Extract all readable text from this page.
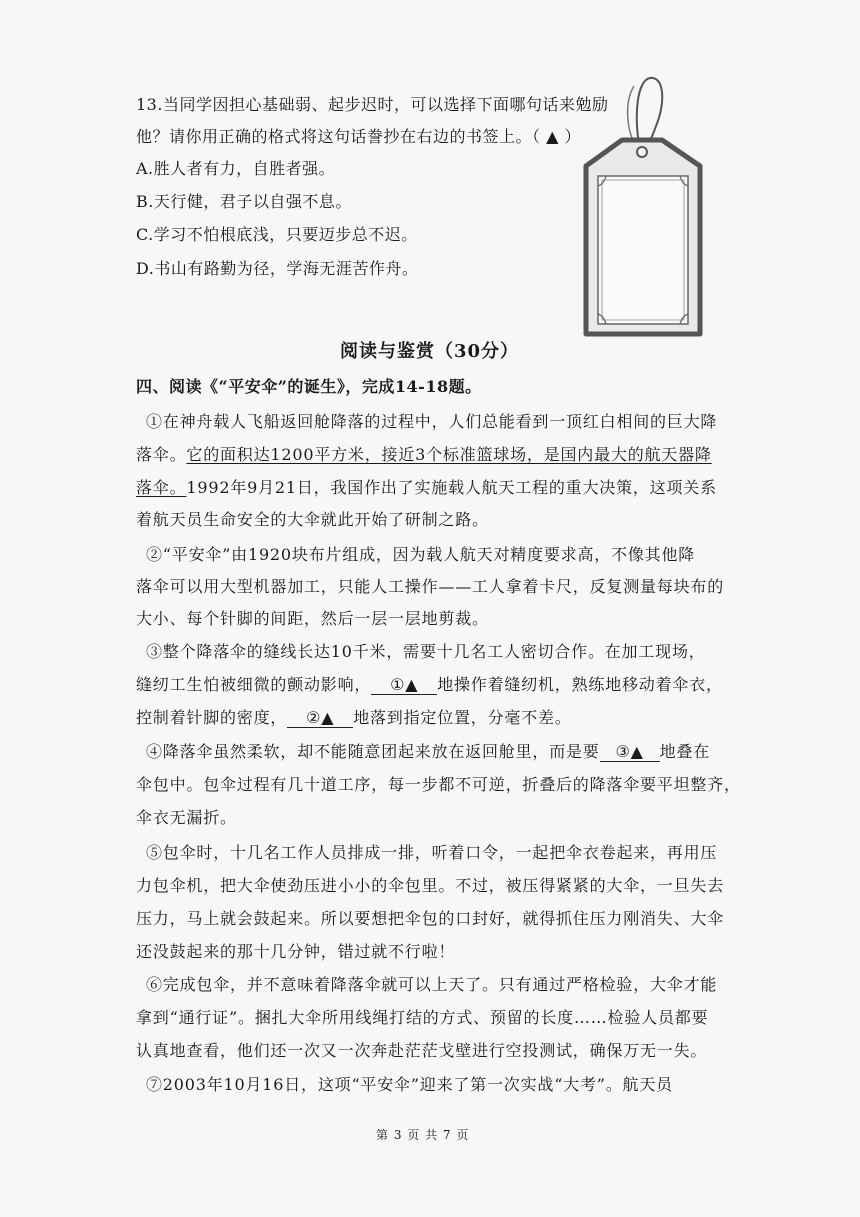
13.当同学因担心基础弱、起步迟时，可以选择下面哪句话来勉励
他？请你用正确的格式将这句话誊抄在右边的书签上。（ ▲ ）
A.胜人者有力，自胜者强。
B.天行健，君子以自强不息。
C.学习不怕根底浅，只要迈步总不迟。
D.书山有路勤为径，学海无涯苦作舟。
阅读与鉴赏（30分）
四、阅读《“平安伞”的诞生》，完成14-18题。
①在神舟载人飞船返回舱降落的过程中，人们总能看到一顶红白相间的巨大降
落伞。它的面积达1200平方米，接近3个标准篮球场，是国内最大的航天器降
落伞。1992年9月21日，我国作出了实施载人航天工程的重大决策，这项关系
着航天员生命安全的大伞就此开始了研制之路。
②“平安伞”由1920块布片组成，因为载人航天对精度要求高，不像其他降
落伞可以用大型机器加工，只能人工操作——工人拿着卡尺，反复测量每块布的
大小、每个针脚的间距，然后一层一层地剪裁。
③整个降落伞的缝线长达10千米，需要十几名工人密切合作。在加工现场，
缝纫工生怕被细微的颤动影响， ①▲ 地操作着缝纫机，熟练地移动着伞衣，
控制着针脚的密度， ②▲ 地落到指定位置，分毫不差。
④降落伞虽然柔软，却不能随意团起来放在返回舱里，而是要 ③▲ 地叠在
伞包中。包伞过程有几十道工序，每一步都不可逆，折叠后的降落伞要平坦整齐，
伞衣无漏折。
⑤包伞时，十几名工作人员排成一排，听着口令，一起把伞衣卷起来，再用压
力包伞机，把大伞使劲压进小小的伞包里。不过，被压得紧紧的大伞，一旦失去
压力，马上就会鼓起来。所以要想把伞包的口封好，就得抓住压力刚消失、大伞
还没鼓起来的那十几分钟，错过就不行啦！
⑥完成包伞，并不意味着降落伞就可以上天了。只有通过严格检验，大伞才能
拿到“通行证”。捆扎大伞所用线绳打结的方式、预留的长度……检验人员都要
认真地查看，他们还一次又一次奔赴茫茫戈壁进行空投测试，确保万无一失。
⑦2003年10月16日，这项“平安伞”迎来了第一次实战“大考”。航天员
第 3 页 共 7 页
